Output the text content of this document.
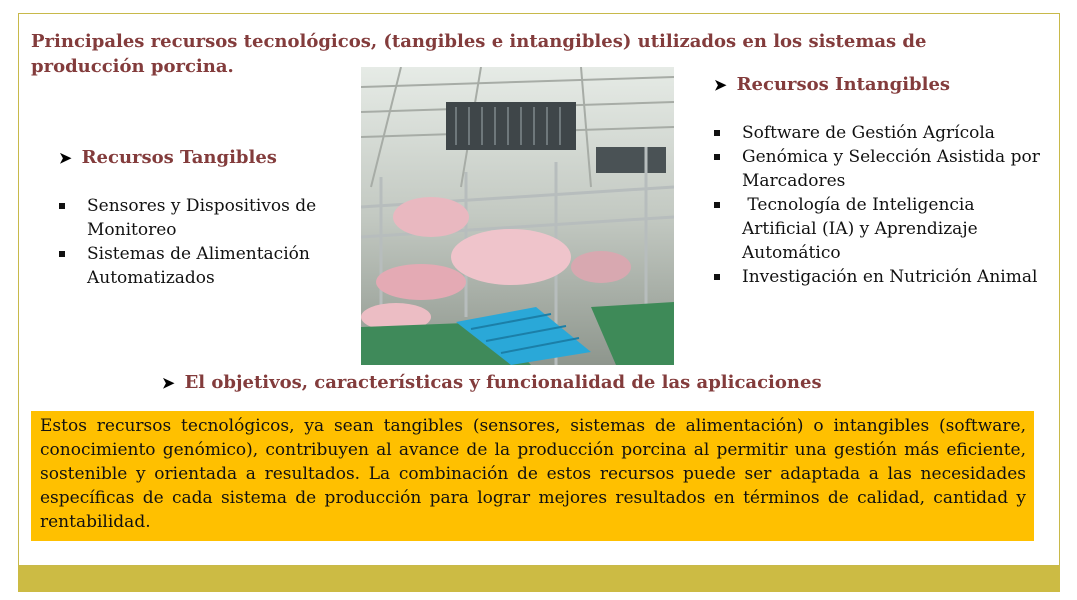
Principales recursos tecnológicos, (tangibles e intangibles) utilizados en los sistemas de producción porcina.
➤ Recursos Tangibles
Sensores y Dispositivos de Monitoreo
Sistemas de Alimentación Automatizados
➤ Recursos Intangibles
Software de Gestión Agrícola
Genómica y Selección Asistida por Marcadores
Tecnología de Inteligencia Artificial (IA) y Aprendizaje Automático
Investigación en Nutrición Animal
➤ El objetivos, características y funcionalidad de las aplicaciones
Estos recursos tecnológicos, ya sean tangibles (sensores, sistemas de alimentación) o intangibles (software, conocimiento genómico), contribuyen al avance de la producción porcina al permitir una gestión más eficiente, sostenible y orientada a resultados. La combinación de estos recursos puede ser adaptada a las necesidades específicas de cada sistema de producción para lograr mejores resultados en términos de calidad, cantidad y rentabilidad.
